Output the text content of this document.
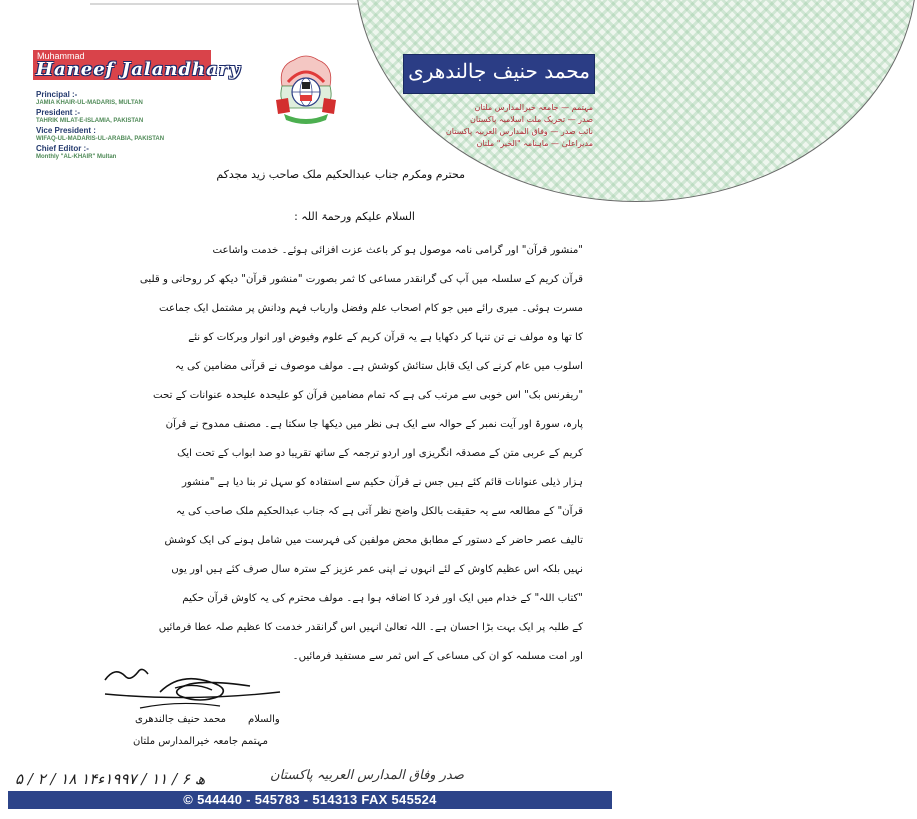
Muhammad
Haneef Jalandhary
Principal :-
JAMIA KHAIR-UL-MADARIS, MULTAN
President :-
TAHRIK MILAT-E-ISLAMIA, PAKISTAN
Vice President :
WIFAQ-UL-MADARIS-UL-ARABIA, PAKISTAN
Chief Editor :-
Monthly "AL-KHAIR" Multan
محمد حنیف جالندھری
مہتمم — جامعہ خیرالمدارس ملتان
صدر — تحریک ملت اسلامیہ پاکستان
نائب صدر — وفاق المدارس العربیہ پاکستان
مدیراعلیٰ — ماہنامہ "الخیر" ملتان
محترم ومکرم جناب عبدالحکیم ملک صاحب زید مجدکم
السلام علیکم ورحمۃ اللہ :
"منشور قرآن" اور گرامی نامہ موصول ہو کر باعث عزت افزائی ہوئے۔ خدمت واشاعت
قرآن کریم کے سلسلہ میں آپ کی گرانقدر مساعی کا ثمر بصورت "منشور قرآن" دیکھ کر روحانی و قلبی
مسرت ہوئی۔ میری رائے میں جو کام اصحاب علم وفضل وارباب فہم ودانش پر مشتمل ایک جماعت
کا تھا وہ مولف نے تن تنہا کر دکھایا ہے یہ قرآن کریم کے علوم وفیوض اور انوار وبرکات کو نئے
اسلوب میں عام کرنے کی ایک قابل ستائش کوشش ہے۔ مولف موصوف نے قرآنی مضامین کی یہ
"ریفرنس بک" اس خوبی سے مرتب کی ہے کہ تمام مضامین قرآن کو علیحدہ علیحدہ عنوانات کے تحت
پارہ، سورۃ اور آیت نمبر کے حوالہ سے ایک ہی نظر میں دیکھا جا سکتا ہے۔ مصنف ممدوح نے قرآن
کریم کے عربی متن کے مصدقہ انگریزی اور اردو ترجمہ کے ساتھ تقریبا دو صد ابواب کے تحت ایک
ہزار ذیلی عنوانات قائم کئے ہیں جس نے قرآن حکیم سے استفادہ کو سہل تر بنا دیا ہے "منشور
قرآن" کے مطالعہ سے یہ حقیقت بالکل واضح نظر آتی ہے کہ جناب عبدالحکیم ملک صاحب کی یہ
تالیف عصر حاضر کے دستور کے مطابق محض مولفین کی فہرست میں شامل ہونے کی ایک کوشش
نہیں بلکہ اس عظیم کاوش کے لئے انہوں نے اپنی عمر عزیز کے سترہ سال صرف کئے ہیں اور یوں
"کتاب اللہ" کے خدام میں ایک اور فرد کا اضافہ ہوا ہے۔ مولف محترم کی یہ کاوش قرآن حکیم
کے طلبہ پر ایک بہت بڑا احسان ہے۔ اللہ تعالیٰ انہیں اس گرانقدر خدمت کا عظیم صلہ عطا فرمائیں
اور امت مسلمہ کو ان کی مساعی کے اس ثمر سے مستفید فرمائیں۔
والسلام
محمد حنیف جالندھری
مہتمم جامعہ خیرالمدارس ملتان
۵ / ۲ / ۱۸ ۱۴ھ ۶ / ۱۱ / ۱۹۹۷ء	صدر وفاق المدارس العربیہ پاکستان
© 544440 - 545783 - 514313 FAX 545524
